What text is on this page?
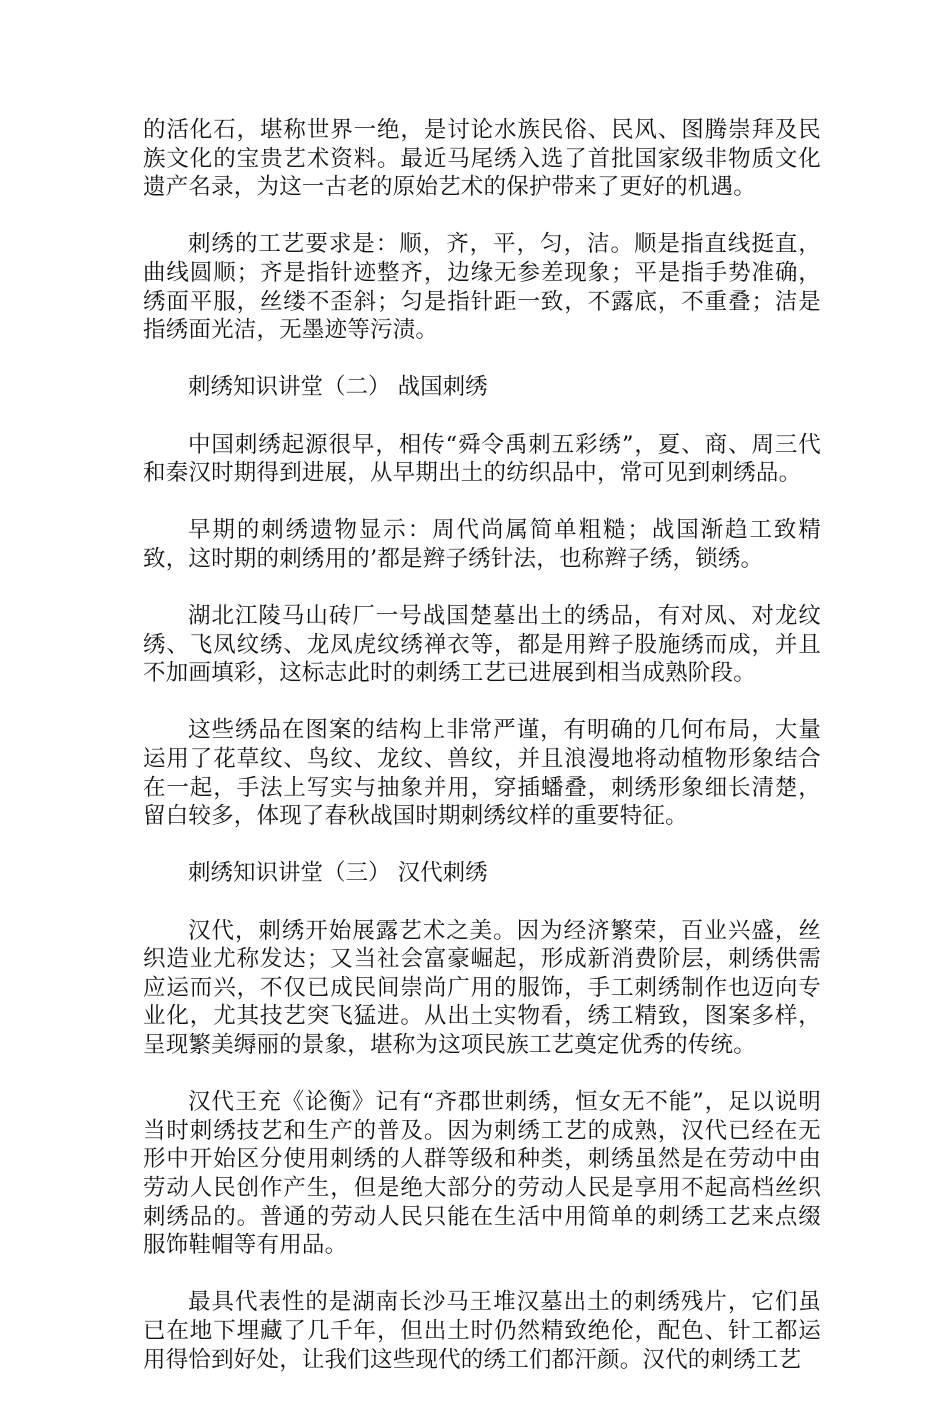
的活化石，堪称世界一绝，是讨论水族民俗、民风、图腾崇拜及民族文化的宝贵艺术资料。最近马尾绣入选了首批国家级非物质文化遗产名录，为这一古老的原始艺术的保护带来了更好的机遇。

刺绣的工艺要求是：顺，齐，平，匀，洁。顺是指直线挺直，曲线圆顺；齐是指针迹整齐，边缘无参差现象；平是指手势准确，绣面平服，丝缕不歪斜；匀是指针距一致，不露底，不重叠；洁是指绣面光洁，无墨迹等污渍。

刺绣知识讲堂（二） 战国刺绣

中国刺绣起源很早，相传“舜令禹刺五彩绣”，夏、商、周三代和秦汉时期得到进展，从早期出土的纺织品中，常可见到刺绣品。

早期的刺绣遗物显示：周代尚属简单粗糙；战国渐趋工致精致，这时期的刺绣用的’都是辫子绣针法，也称辫子绣，锁绣。

湖北江陵马山砖厂一号战国楚墓出土的绣品，有对凤、对龙纹绣、飞凤纹绣、龙凤虎纹绣禅衣等，都是用辫子股施绣而成，并且不加画填彩，这标志此时的刺绣工艺已进展到相当成熟阶段。

这些绣品在图案的结构上非常严谨，有明确的几何布局，大量运用了花草纹、鸟纹、龙纹、兽纹，并且浪漫地将动植物形象结合在一起，手法上写实与抽象并用，穿插蟠叠，刺绣形象细长清楚，留白较多，体现了春秋战国时期刺绣纹样的重要特征。

刺绣知识讲堂（三） 汉代刺绣

汉代，刺绣开始展露艺术之美。因为经济繁荣，百业兴盛，丝织造业尤称发达；又当社会富豪崛起，形成新消费阶层，刺绣供需应运而兴，不仅已成民间崇尚广用的服饰，手工刺绣制作也迈向专业化，尤其技艺突飞猛进。从出土实物看，绣工精致，图案多样，呈现繁美缛丽的景象，堪称为这项民族工艺奠定优秀的传统。

汉代王充《论衡》记有“齐郡世刺绣，恒女无不能”，足以说明当时刺绣技艺和生产的普及。因为刺绣工艺的成熟，汉代已经在无形中开始区分使用刺绣的人群等级和种类，刺绣虽然是在劳动中由劳动人民创作产生，但是绝大部分的劳动人民是享用不起高档丝织刺绣品的。普通的劳动人民只能在生活中用简单的刺绣工艺来点缀服饰鞋帽等有用品。

最具代表性的是湖南长沙马王堆汉墓出土的刺绣残片，它们虽已在地下埋藏了几千年，但出土时仍然精致绝伦，配色、针工都运用得恰到好处，让我们这些现代的绣工们都汗颜。汉代的刺绣工艺
